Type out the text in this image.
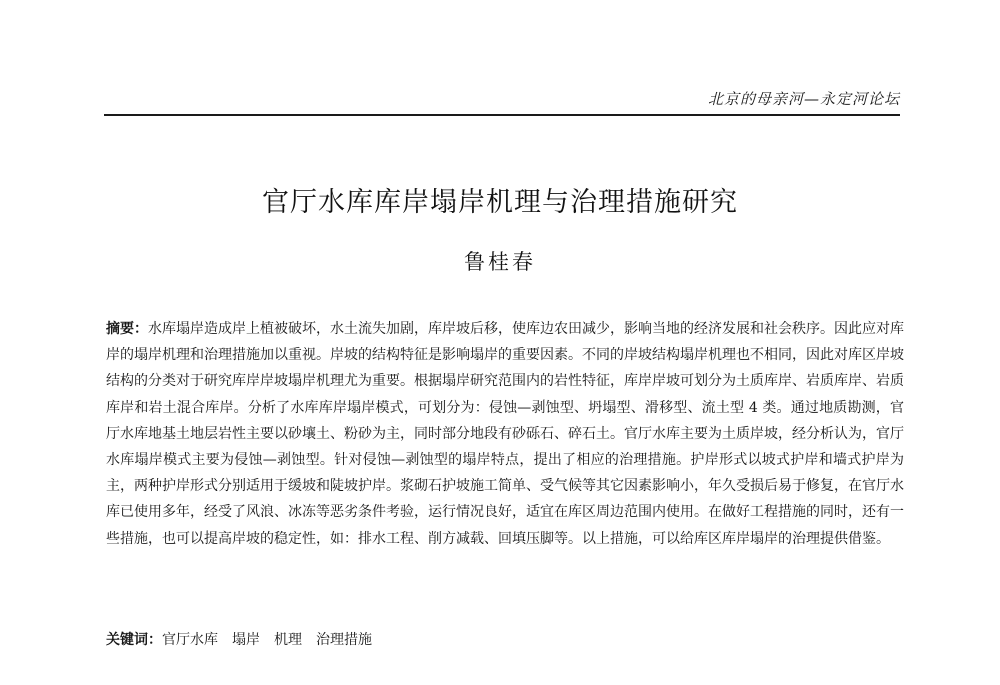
北京的母亲河—永定河论坛
官厅水库库岸塌岸机理与治理措施研究
鲁桂春
摘要：水库塌岸造成岸上植被破坏，水土流失加剧，库岸坡后移，使库边农田减少，影响当地的经济发展和社会秩序。因此应对库岸的塌岸机理和治理措施加以重视。岸坡的结构特征是影响塌岸的重要因素。不同的岸坡结构塌岸机理也不相同，因此对库区岸坡结构的分类对于研究库岸岸坡塌岸机理尤为重要。根据塌岸研究范围内的岩性特征，库岸岸坡可划分为土质库岸、岩质库岸、岩质库岸和岩土混合库岸。分析了水库库岸塌岸模式，可划分为：侵蚀—剥蚀型、坍塌型、滑移型、流土型 4 类。通过地质勘测，官厅水库地基土地层岩性主要以砂壤土、粉砂为主，同时部分地段有砂砾石、碎石土。官厅水库主要为土质岸坡，经分析认为，官厅水库塌岸模式主要为侵蚀—剥蚀型。针对侵蚀—剥蚀型的塌岸特点，提出了相应的治理措施。护岸形式以坡式护岸和墙式护岸为主，两种护岸形式分别适用于缓坡和陡坡护岸。浆砌石护坡施工简单、受气候等其它因素影响小，年久受损后易于修复，在官厅水库已使用多年，经受了风浪、冰冻等恶劣条件考验，运行情况良好，适宜在库区周边范围内使用。在做好工程措施的同时，还有一些措施，也可以提高岸坡的稳定性，如：排水工程、削方减载、回填压脚等。以上措施，可以给库区库岸塌岸的治理提供借鉴。
关键词：官厅水库 塌岸 机理 治理措施
